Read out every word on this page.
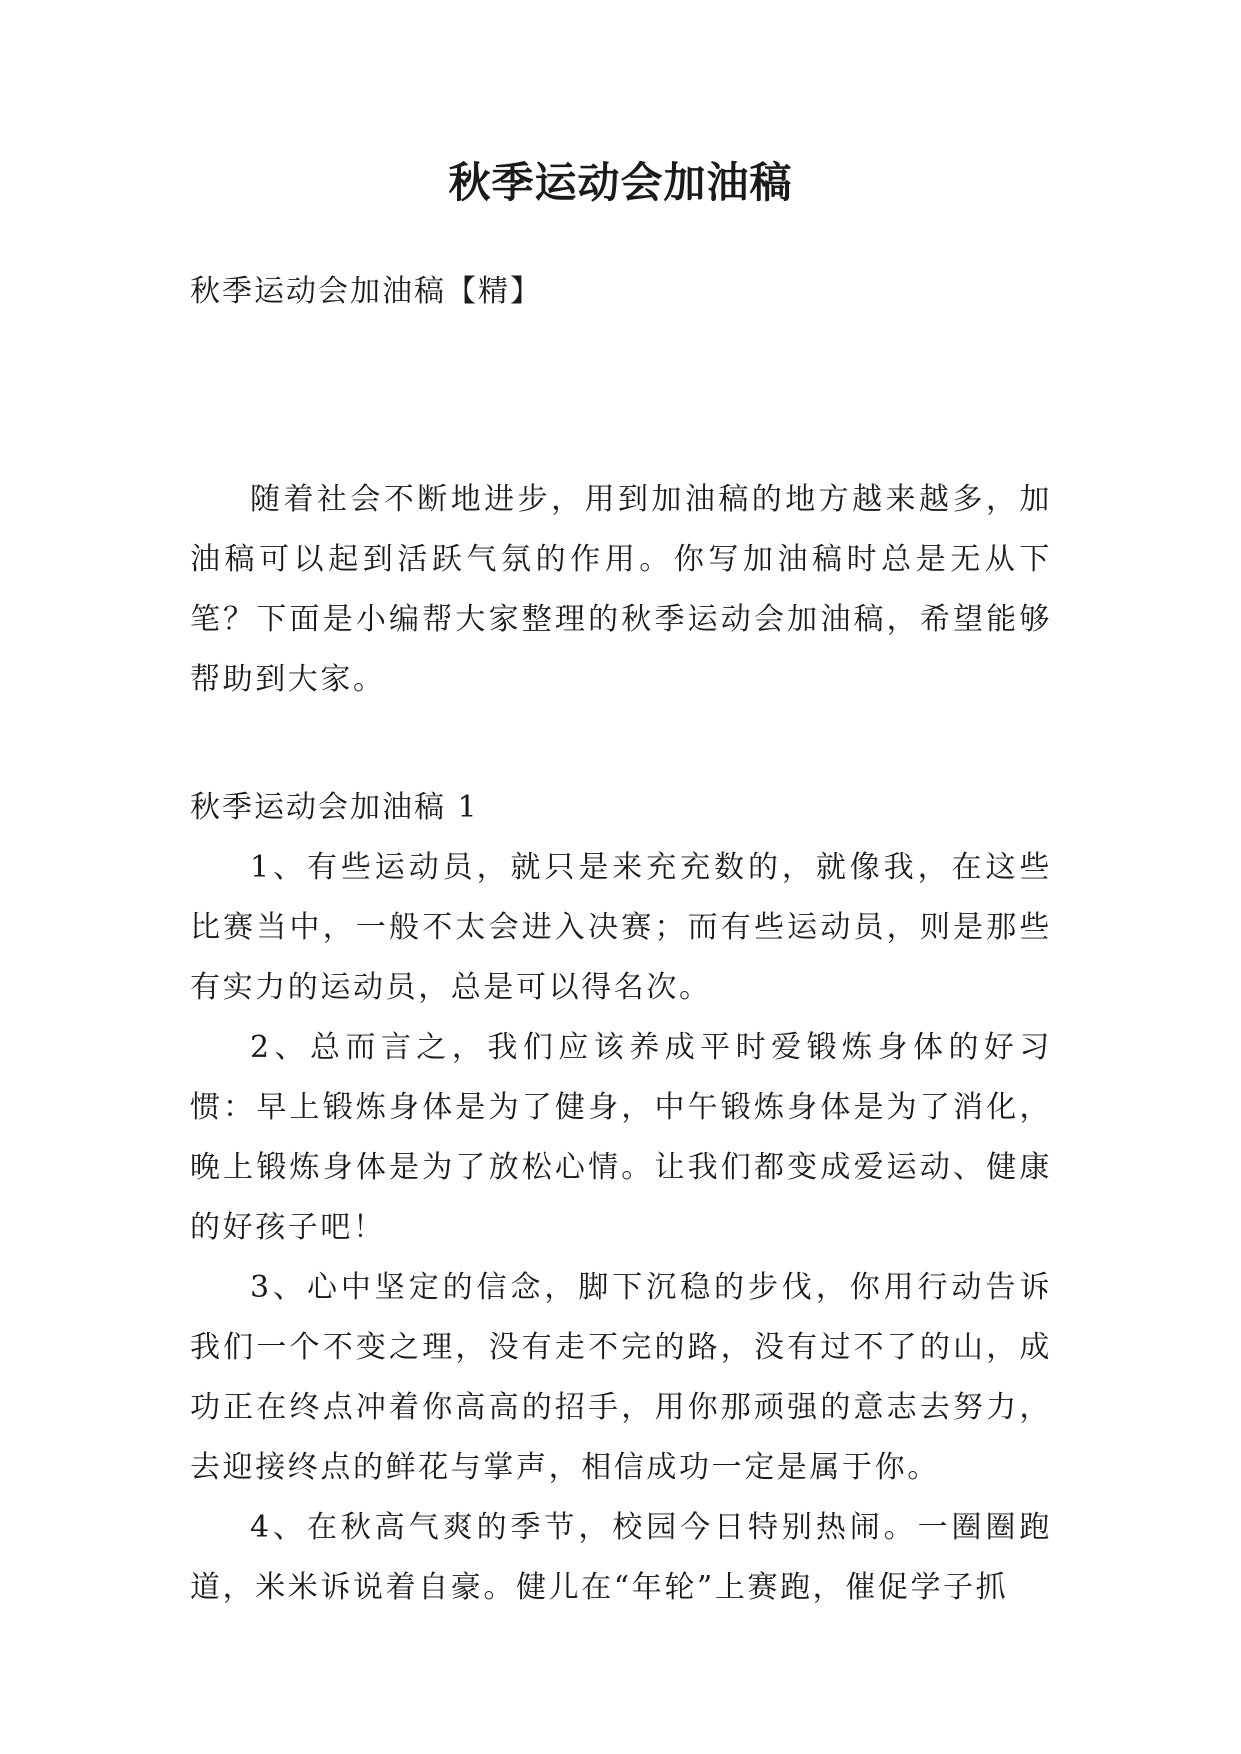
秋季运动会加油稿
秋季运动会加油稿【精】

随着社会不断地进步，用到加油稿的地方越来越多，加油稿可以起到活跃气氛的作用。你写加油稿时总是无从下笔？下面是小编帮大家整理的秋季运动会加油稿，希望能够帮助到大家。

秋季运动会加油稿 1

1、有些运动员，就只是来充充数的，就像我，在这些比赛当中，一般不太会进入决赛；而有些运动员，则是那些有实力的运动员，总是可以得名次。

2、总而言之，我们应该养成平时爱锻炼身体的好习惯：早上锻炼身体是为了健身，中午锻炼身体是为了消化，晚上锻炼身体是为了放松心情。让我们都变成爱运动、健康的好孩子吧！

3、心中坚定的信念，脚下沉稳的步伐，你用行动告诉我们一个不变之理，没有走不完的路，没有过不了的山，成功正在终点冲着你高高的招手，用你那顽强的意志去努力，去迎接终点的鲜花与掌声，相信成功一定是属于你。

4、在秋高气爽的季节，校园今日特别热闹。一圈圈跑道，米米诉说着自豪。健儿在“年轮”上赛跑，催促学子抓
